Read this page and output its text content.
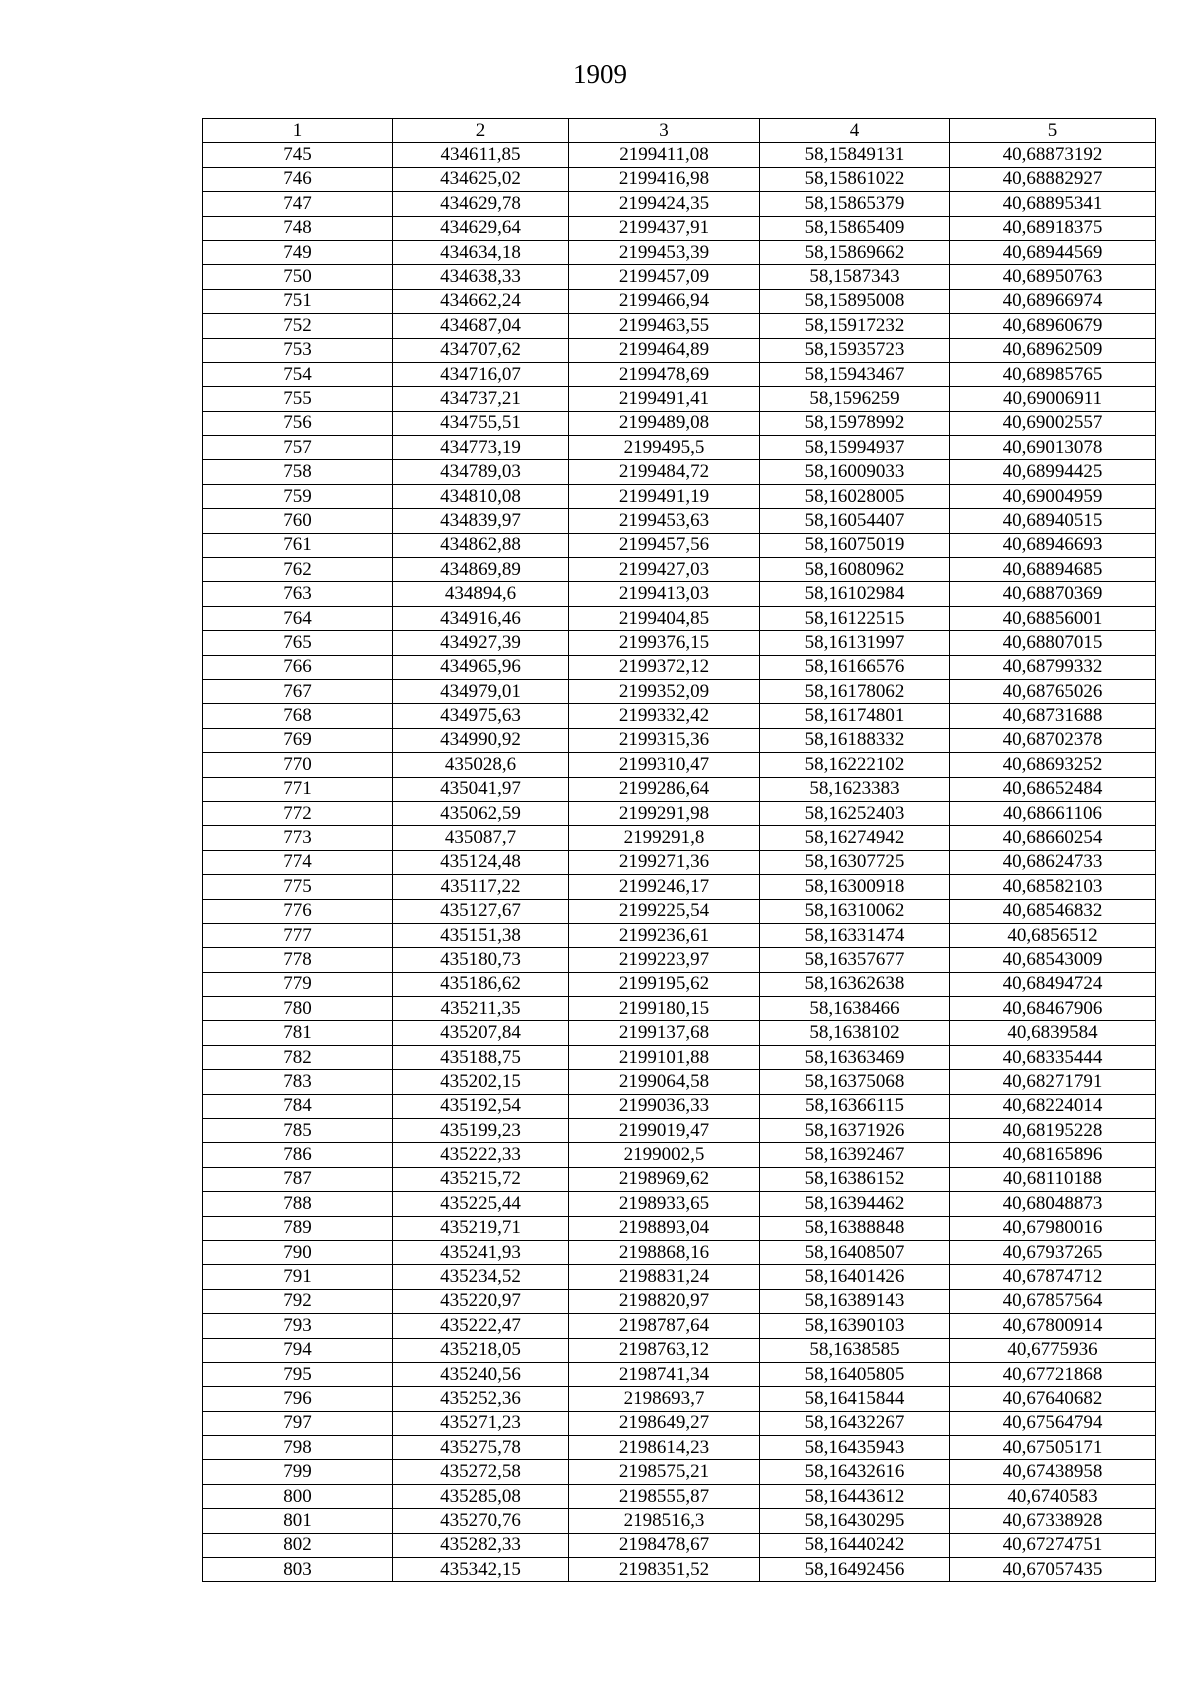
1909
1	2	3	4	5
745	434611,85	2199411,08	58,15849131	40,68873192
746	434625,02	2199416,98	58,15861022	40,68882927
747	434629,78	2199424,35	58,15865379	40,68895341
748	434629,64	2199437,91	58,15865409	40,68918375
749	434634,18	2199453,39	58,15869662	40,68944569
750	434638,33	2199457,09	58,1587343	40,68950763
751	434662,24	2199466,94	58,15895008	40,68966974
752	434687,04	2199463,55	58,15917232	40,68960679
753	434707,62	2199464,89	58,15935723	40,68962509
754	434716,07	2199478,69	58,15943467	40,68985765
755	434737,21	2199491,41	58,1596259	40,69006911
756	434755,51	2199489,08	58,15978992	40,69002557
757	434773,19	2199495,5	58,15994937	40,69013078
758	434789,03	2199484,72	58,16009033	40,68994425
759	434810,08	2199491,19	58,16028005	40,69004959
760	434839,97	2199453,63	58,16054407	40,68940515
761	434862,88	2199457,56	58,16075019	40,68946693
762	434869,89	2199427,03	58,16080962	40,68894685
763	434894,6	2199413,03	58,16102984	40,68870369
764	434916,46	2199404,85	58,16122515	40,68856001
765	434927,39	2199376,15	58,16131997	40,68807015
766	434965,96	2199372,12	58,16166576	40,68799332
767	434979,01	2199352,09	58,16178062	40,68765026
768	434975,63	2199332,42	58,16174801	40,68731688
769	434990,92	2199315,36	58,16188332	40,68702378
770	435028,6	2199310,47	58,16222102	40,68693252
771	435041,97	2199286,64	58,1623383	40,68652484
772	435062,59	2199291,98	58,16252403	40,68661106
773	435087,7	2199291,8	58,16274942	40,68660254
774	435124,48	2199271,36	58,16307725	40,68624733
775	435117,22	2199246,17	58,16300918	40,68582103
776	435127,67	2199225,54	58,16310062	40,68546832
777	435151,38	2199236,61	58,16331474	40,6856512
778	435180,73	2199223,97	58,16357677	40,68543009
779	435186,62	2199195,62	58,16362638	40,68494724
780	435211,35	2199180,15	58,1638466	40,68467906
781	435207,84	2199137,68	58,1638102	40,6839584
782	435188,75	2199101,88	58,16363469	40,68335444
783	435202,15	2199064,58	58,16375068	40,68271791
784	435192,54	2199036,33	58,16366115	40,68224014
785	435199,23	2199019,47	58,16371926	40,68195228
786	435222,33	2199002,5	58,16392467	40,68165896
787	435215,72	2198969,62	58,16386152	40,68110188
788	435225,44	2198933,65	58,16394462	40,68048873
789	435219,71	2198893,04	58,16388848	40,67980016
790	435241,93	2198868,16	58,16408507	40,67937265
791	435234,52	2198831,24	58,16401426	40,67874712
792	435220,97	2198820,97	58,16389143	40,67857564
793	435222,47	2198787,64	58,16390103	40,67800914
794	435218,05	2198763,12	58,1638585	40,6775936
795	435240,56	2198741,34	58,16405805	40,67721868
796	435252,36	2198693,7	58,16415844	40,67640682
797	435271,23	2198649,27	58,16432267	40,67564794
798	435275,78	2198614,23	58,16435943	40,67505171
799	435272,58	2198575,21	58,16432616	40,67438958
800	435285,08	2198555,87	58,16443612	40,6740583
801	435270,76	2198516,3	58,16430295	40,67338928
802	435282,33	2198478,67	58,16440242	40,67274751
803	435342,15	2198351,52	58,16492456	40,67057435
